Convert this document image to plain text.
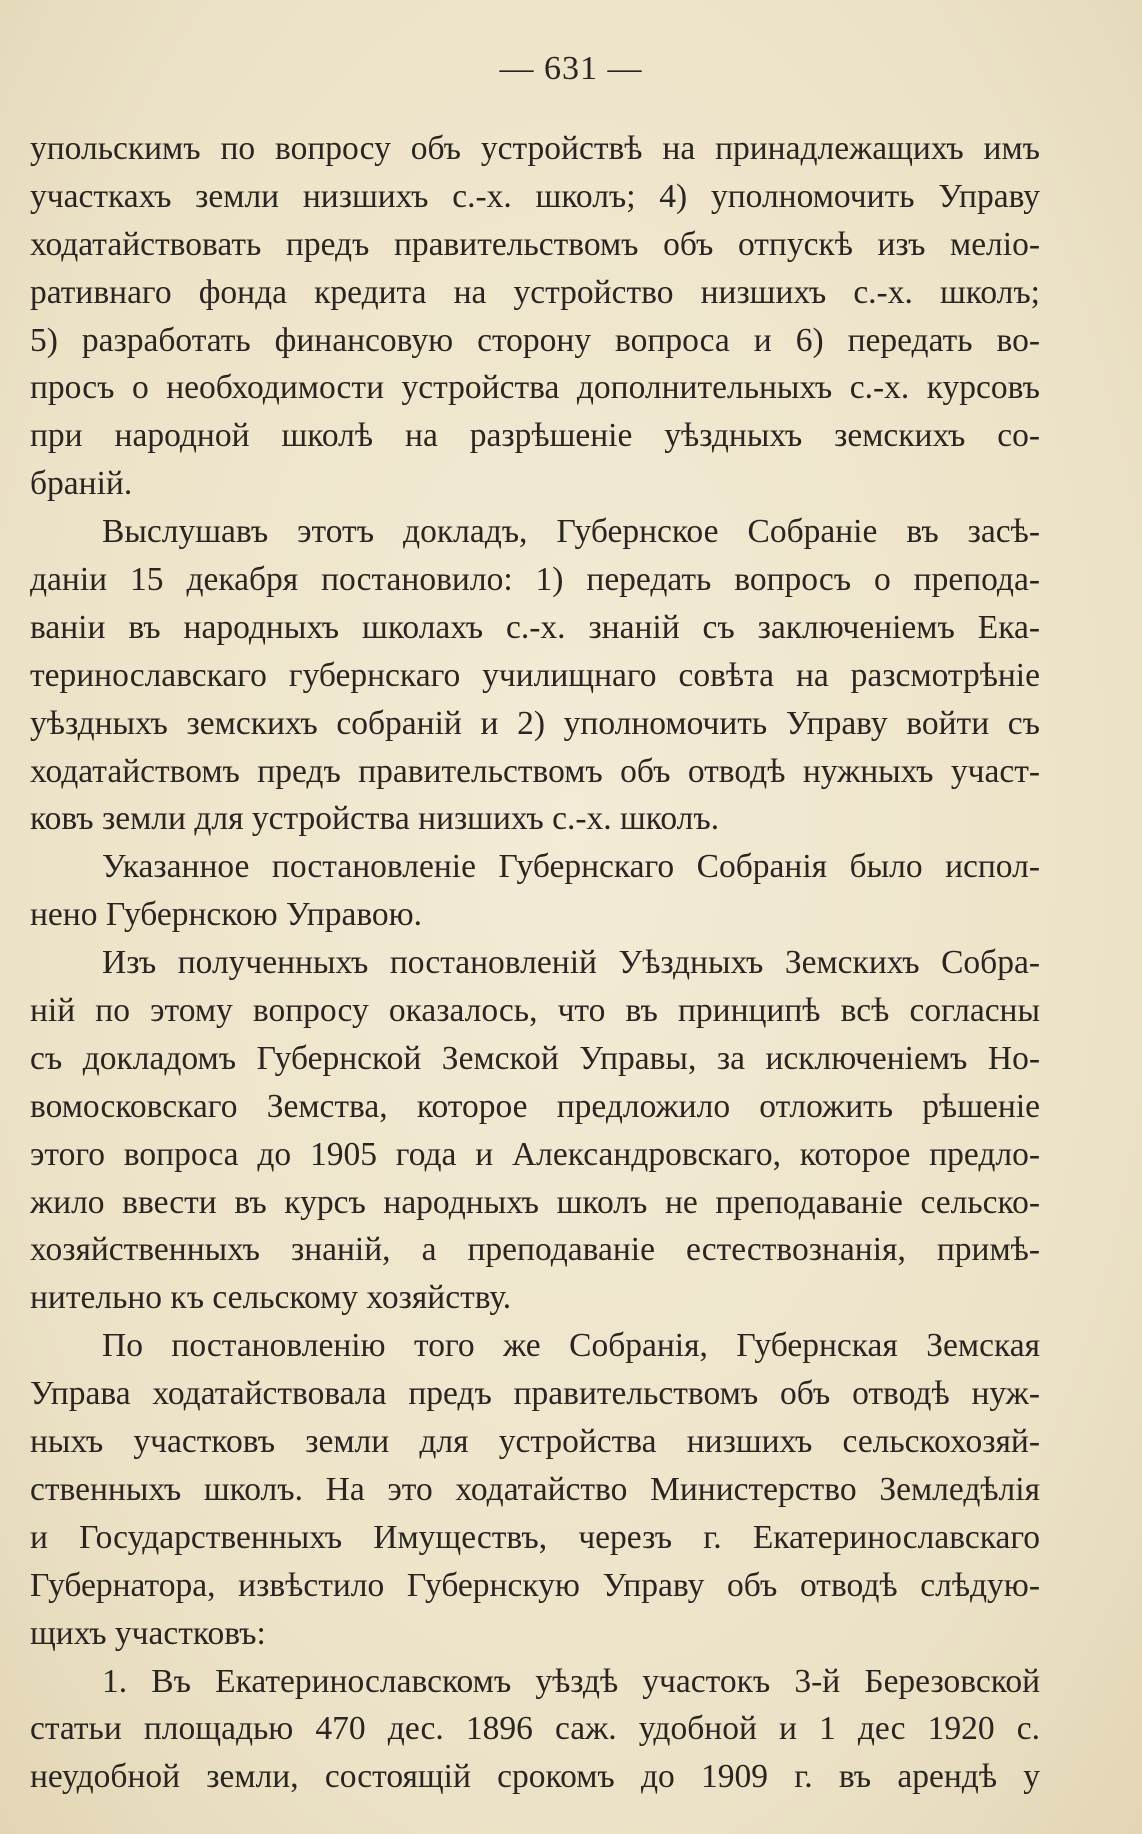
— 631 —
упольскимъ по вопросу объ устройствѣ на принадлежащихъ имъ
участкахъ земли низшихъ с.-х. школъ; 4) уполномочить Управу
ходатайствовать предъ правительствомъ объ отпускѣ изъ меліо-
ративнаго фонда кредита на устройство низшихъ с.-х. школъ;
5) разработать финансовую сторону вопроса и 6) передать во-
просъ о необходимости устройства дополнительныхъ с.-х. курсовъ
при народной школѣ на разрѣшеніе уѣздныхъ земскихъ со-
браній.
Выслушавъ этотъ докладъ, Губернское Собраніе въ засѣ-
даніи 15 декабря постановило: 1) передать вопросъ о препода-
ваніи въ народныхъ школахъ с.-х. знаній съ заключеніемъ Ека-
теринославскаго губернскаго училищнаго совѣта на разсмотрѣніе
уѣздныхъ земскихъ собраній и 2) уполномочить Управу войти съ
ходатайствомъ предъ правительствомъ объ отводѣ нужныхъ участ-
ковъ земли для устройства низшихъ с.-х. школъ.
Указанное постановленіе Губернскаго Собранія было испол-
нено Губернскою Управою.
Изъ полученныхъ постановленій Уѣздныхъ Земскихъ Собра-
ній по этому вопросу оказалось, что въ принципѣ всѣ согласны
съ докладомъ Губернской Земской Управы, за исключеніемъ Но-
вомосковскаго Земства, которое предложило отложить рѣшеніе
этого вопроса до 1905 года и Александровскаго, которое предло-
жило ввести въ курсъ народныхъ школъ не преподаваніе сельско-
хозяйственныхъ знаній, а преподаваніе естествознанія, примѣ-
нительно къ сельскому хозяйству.
По постановленію того же Собранія, Губернская Земская
Управа ходатайствовала предъ правительствомъ объ отводѣ нуж-
ныхъ участковъ земли для устройства низшихъ сельскохозяй-
ственныхъ школъ. На это ходатайство Министерство Земледѣлія
и Государственныхъ Имуществъ, черезъ г. Екатеринославскаго
Губернатора, извѣстило Губернскую Управу объ отводѣ слѣдую-
щихъ участковъ:
1. Въ Екатеринославскомъ уѣздѣ участокъ 3-й Березовской
статьи площадью 470 дес. 1896 саж. удобной и 1 дес 1920 с.
неудобной земли, состоящій срокомъ до 1909 г. въ арендѣ у
